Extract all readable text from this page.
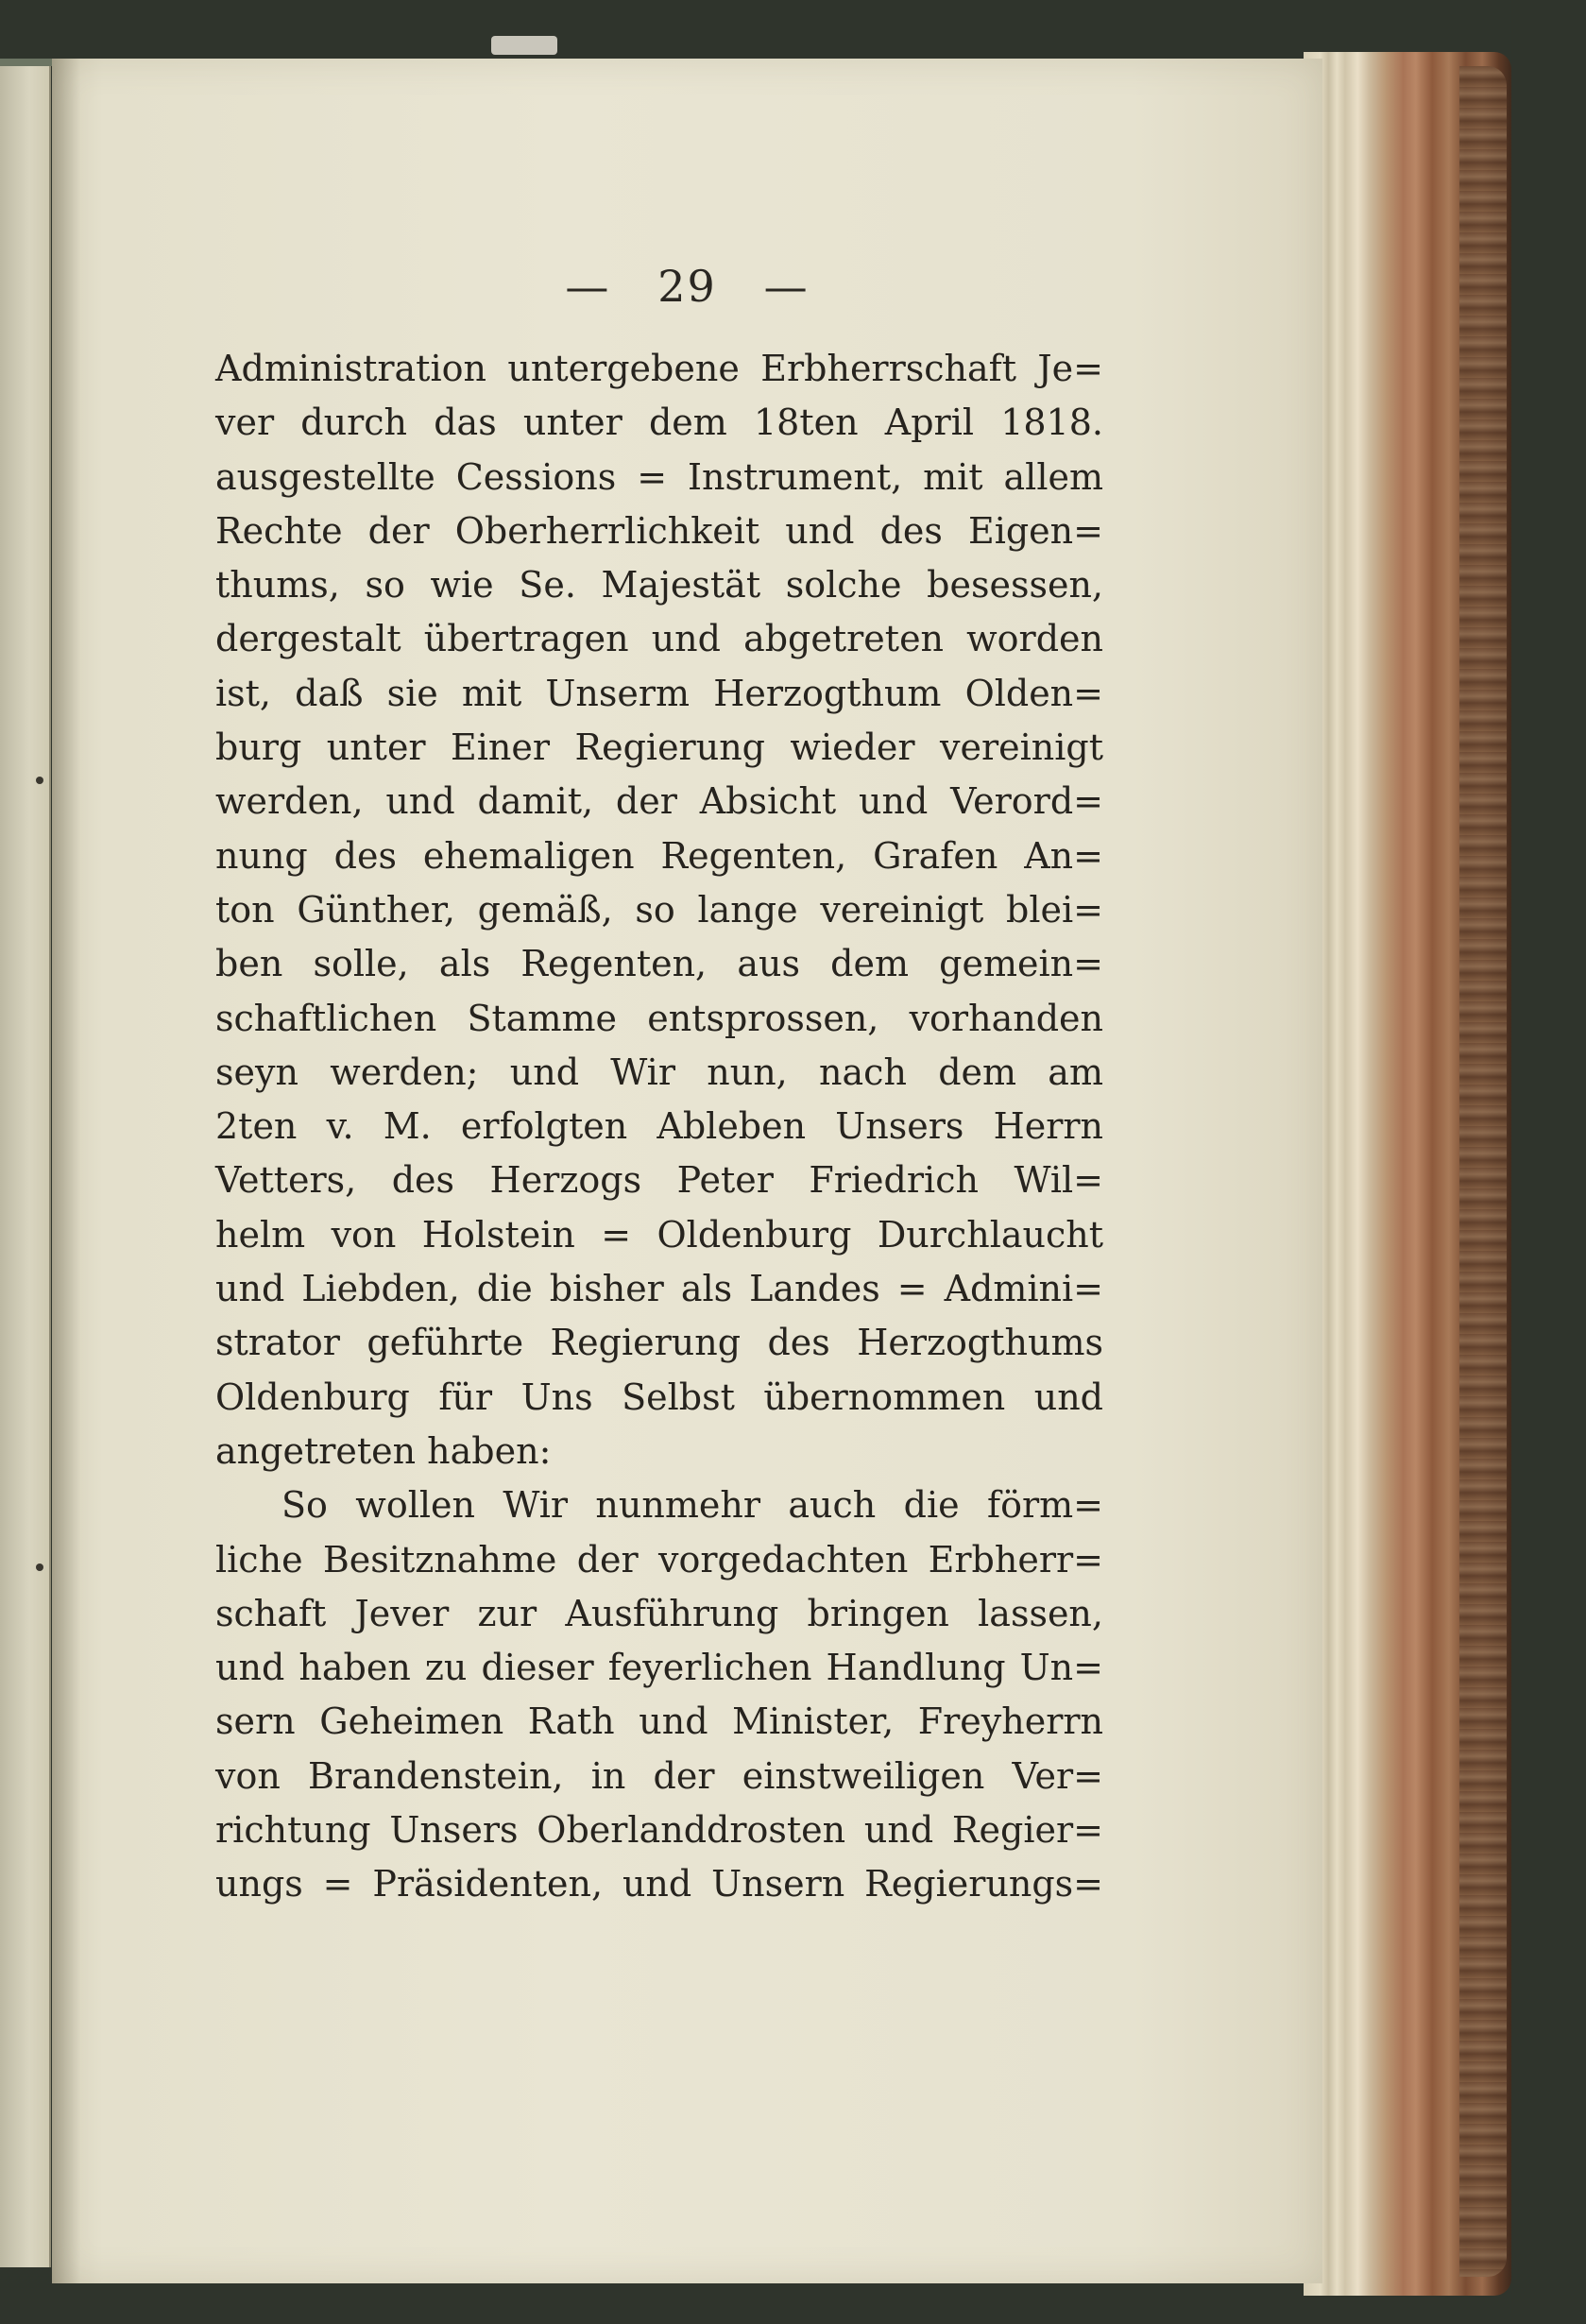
— 29 —
Administration untergebene Erbherrschaft Je=
ver durch das unter dem 18ten April 1818.
ausgestellte Cessions = Instrument, mit allem
Rechte der Oberherrlichkeit und des Eigen=
thums, so wie Se. Majestät solche besessen,
dergestalt übertragen und abgetreten worden
ist, daß sie mit Unserm Herzogthum Olden=
burg unter Einer Regierung wieder vereinigt
werden, und damit, der Absicht und Verord=
nung des ehemaligen Regenten, Grafen An=
ton Günther, gemäß, so lange vereinigt blei=
ben solle, als Regenten, aus dem gemein=
schaftlichen Stamme entsprossen, vorhanden
seyn werden; und Wir nun, nach dem am
2ten v. M. erfolgten Ableben Unsers Herrn
Vetters, des Herzogs Peter Friedrich Wil=
helm von Holstein = Oldenburg Durchlaucht
und Liebden, die bisher als Landes = Admini=
strator geführte Regierung des Herzogthums
Oldenburg für Uns Selbst übernommen und
angetreten haben:
So wollen Wir nunmehr auch die förm=
liche Besitznahme der vorgedachten Erbherr=
schaft Jever zur Ausführung bringen lassen,
und haben zu dieser feyerlichen Handlung Un=
sern Geheimen Rath und Minister, Freyherrn
von Brandenstein, in der einstweiligen Ver=
richtung Unsers Oberlanddrosten und Regier=
ungs = Präsidenten, und Unsern Regierungs=
